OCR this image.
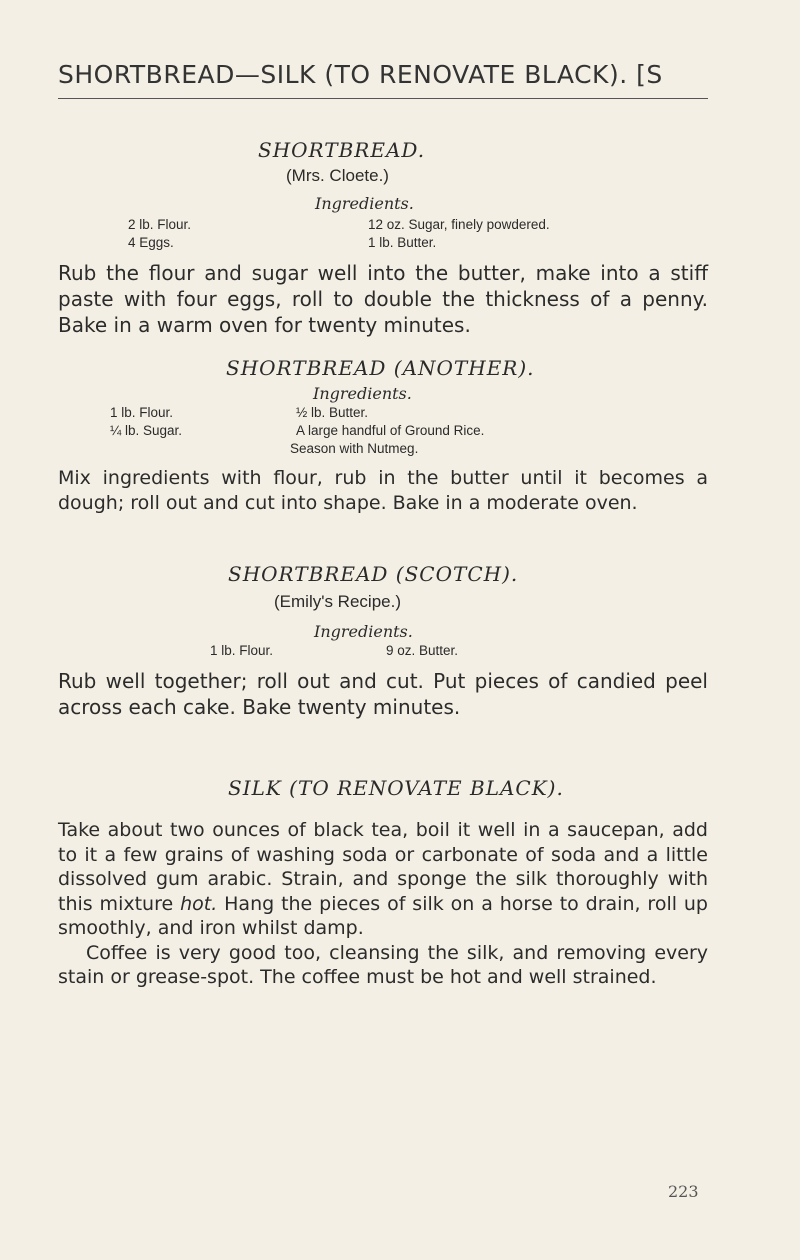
SHORTBREAD—SILK (TO RENOVATE BLACK). [S
SHORTBREAD.
(Mrs. Cloete.)
Ingredients.
2 lb. Flour.
4 Eggs.
12 oz. Sugar, finely powdered.
1 lb. Butter.

Rub the flour and sugar well into the butter, make into a stiff paste with four eggs, roll to double the thickness of a penny. Bake in a warm oven for twenty minutes.

SHORTBREAD (ANOTHER).
Ingredients.
1 lb. Flour.
¼ lb. Sugar.
½ lb. Butter.
A large handful of Ground Rice.
Season with Nutmeg.

Mix ingredients with flour, rub in the butter until it becomes a dough; roll out and cut into shape. Bake in a moderate oven.

SHORTBREAD (SCOTCH).
(Emily's Recipe.)
Ingredients.
1 lb. Flour.	9 oz. Butter.

Rub well together; roll out and cut. Put pieces of candied peel across each cake. Bake twenty minutes.

SILK (TO RENOVATE BLACK).

Take about two ounces of black tea, boil it well in a saucepan, add to it a few grains of washing soda or carbonate of soda and a little dissolved gum arabic. Strain, and sponge the silk thoroughly with this mixture hot. Hang the pieces of silk on a horse to drain, roll up smoothly, and iron whilst damp.

Coffee is very good too, cleansing the silk, and removing every stain or grease-spot. The coffee must be hot and well strained.

223
